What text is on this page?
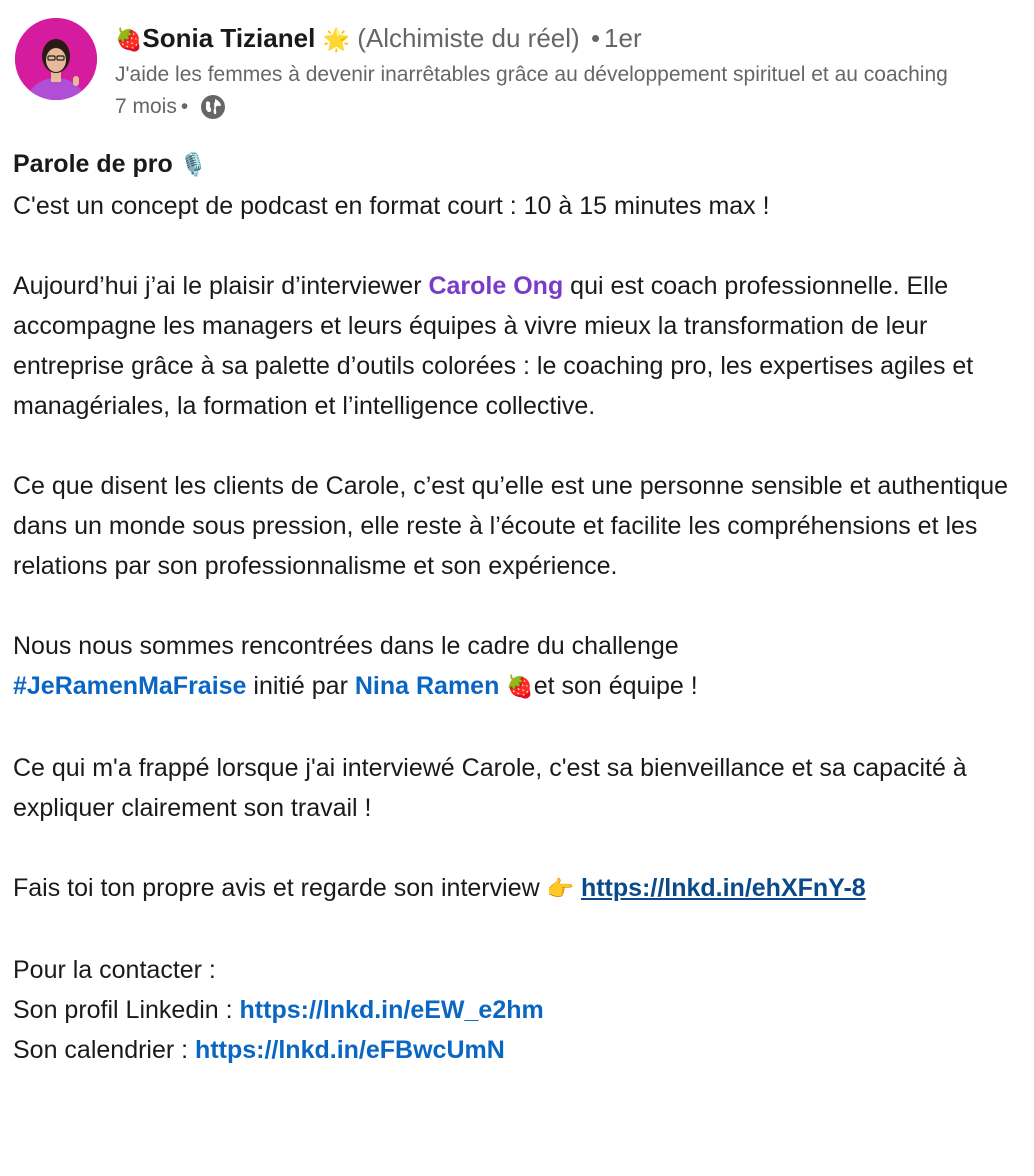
🍓Sonia Tizianel 🌟 (Alchimiste du réel) • 1er
J'aide les femmes à devenir inarrêtables grâce au développement spirituel et au coaching
7 mois •
Parole de pro 🎙️
C'est un concept de podcast en format court : 10 à 15 minutes max !
Aujourd’hui j’ai le plaisir d’interviewer Carole Ong qui est coach professionnelle. Elle accompagne les managers et leurs équipes à vivre mieux la transformation de leur entreprise grâce à sa palette d’outils colorées : le coaching pro, les expertises agiles et managériales, la formation et l’intelligence collective.
Ce que disent les clients de Carole, c’est qu’elle est une personne sensible et authentique dans un monde sous pression, elle reste à l’écoute et facilite les compréhensions et les relations par son professionnalisme et son expérience.
Nous nous sommes rencontrées dans le cadre du challenge
#JeRamenMaFraise initié par Nina Ramen 🍓et son équipe !
Ce qui m'a frappé lorsque j'ai interviewé Carole, c'est sa bienveillance et sa capacité à expliquer clairement son travail !
Fais toi ton propre avis et regarde son interview 👉 https://lnkd.in/ehXFnY-8
Pour la contacter :
Son profil Linkedin : https://lnkd.in/eEW_e2hm
Son calendrier : https://lnkd.in/eFBwcUmN
